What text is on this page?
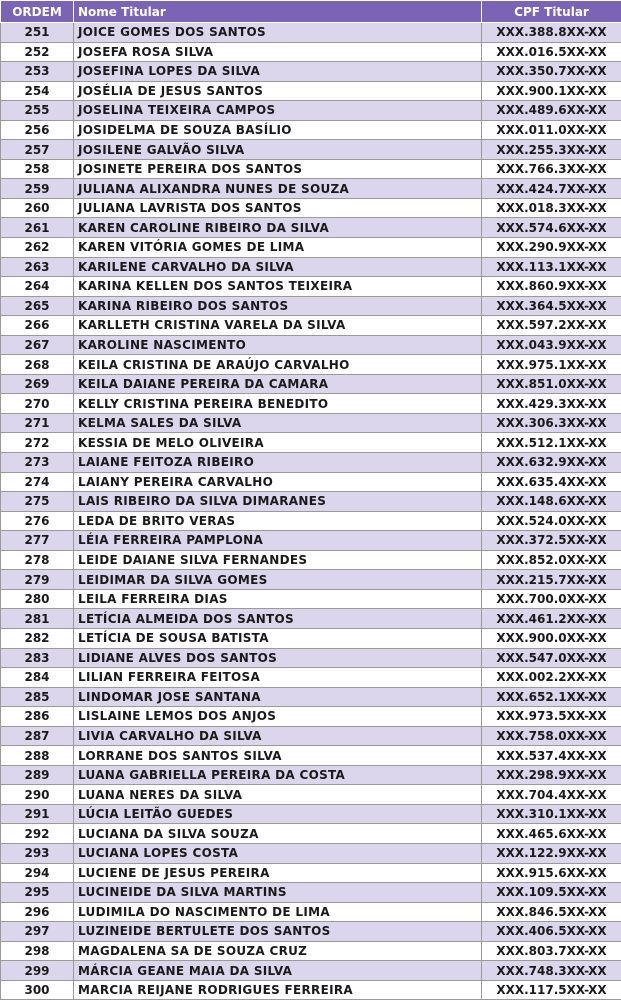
ORDEM	Nome Titular	CPF Titular
251	JOICE GOMES DOS SANTOS	XXX.388.8XX-XX
252	JOSEFA ROSA SILVA	XXX.016.5XX-XX
253	JOSEFINA LOPES DA SILVA	XXX.350.7XX-XX
254	JOSÉLIA DE JESUS SANTOS	XXX.900.1XX-XX
255	JOSELINA TEIXEIRA CAMPOS	XXX.489.6XX-XX
256	JOSIDELMA DE SOUZA BASÍLIO	XXX.011.0XX-XX
257	JOSILENE GALVÃO SILVA	XXX.255.3XX-XX
258	JOSINETE PEREIRA DOS SANTOS	XXX.766.3XX-XX
259	JULIANA ALIXANDRA NUNES DE SOUZA	XXX.424.7XX-XX
260	JULIANA LAVRISTA DOS SANTOS	XXX.018.3XX-XX
261	KAREN CAROLINE RIBEIRO DA SILVA	XXX.574.6XX-XX
262	KAREN VITÓRIA GOMES DE LIMA	XXX.290.9XX-XX
263	KARILENE CARVALHO DA SILVA	XXX.113.1XX-XX
264	KARINA KELLEN DOS SANTOS TEIXEIRA	XXX.860.9XX-XX
265	KARINA RIBEIRO DOS SANTOS	XXX.364.5XX-XX
266	KARLLETH CRISTINA VARELA DA SILVA	XXX.597.2XX-XX
267	KAROLINE NASCIMENTO	XXX.043.9XX-XX
268	KEILA CRISTINA DE ARAÚJO CARVALHO	XXX.975.1XX-XX
269	KEILA DAIANE PEREIRA DA CAMARA	XXX.851.0XX-XX
270	KELLY CRISTINA PEREIRA BENEDITO	XXX.429.3XX-XX
271	KELMA SALES DA SILVA	XXX.306.3XX-XX
272	KESSIA DE MELO OLIVEIRA	XXX.512.1XX-XX
273	LAIANE FEITOZA RIBEIRO	XXX.632.9XX-XX
274	LAIANY PEREIRA CARVALHO	XXX.635.4XX-XX
275	LAIS RIBEIRO DA SILVA DIMARANES	XXX.148.6XX-XX
276	LEDA DE BRITO VERAS	XXX.524.0XX-XX
277	LÉIA FERREIRA PAMPLONA	XXX.372.5XX-XX
278	LEIDE DAIANE SILVA FERNANDES	XXX.852.0XX-XX
279	LEIDIMAR DA SILVA GOMES	XXX.215.7XX-XX
280	LEILA FERREIRA DIAS	XXX.700.0XX-XX
281	LETÍCIA ALMEIDA DOS SANTOS	XXX.461.2XX-XX
282	LETÍCIA DE SOUSA BATISTA	XXX.900.0XX-XX
283	LIDIANE ALVES DOS SANTOS	XXX.547.0XX-XX
284	LILIAN FERREIRA FEITOSA	XXX.002.2XX-XX
285	LINDOMAR JOSE SANTANA	XXX.652.1XX-XX
286	LISLAINE LEMOS DOS ANJOS	XXX.973.5XX-XX
287	LIVIA CARVALHO DA SILVA	XXX.758.0XX-XX
288	LORRANE DOS SANTOS SILVA	XXX.537.4XX-XX
289	LUANA GABRIELLA PEREIRA DA COSTA	XXX.298.9XX-XX
290	LUANA NERES DA SILVA	XXX.704.4XX-XX
291	LÚCIA LEITÃO GUEDES	XXX.310.1XX-XX
292	LUCIANA DA SILVA SOUZA	XXX.465.6XX-XX
293	LUCIANA LOPES COSTA	XXX.122.9XX-XX
294	LUCIENE DE JESUS PEREIRA	XXX.915.6XX-XX
295	LUCINEIDE DA SILVA MARTINS	XXX.109.5XX-XX
296	LUDIMILA DO NASCIMENTO DE LIMA	XXX.846.5XX-XX
297	LUZINEIDE BERTULETE DOS SANTOS	XXX.406.5XX-XX
298	MAGDALENA SA DE SOUZA CRUZ	XXX.803.7XX-XX
299	MÁRCIA GEANE MAIA DA SILVA	XXX.748.3XX-XX
300	MARCIA REIJANE RODRIGUES FERREIRA	XXX.117.5XX-XX
